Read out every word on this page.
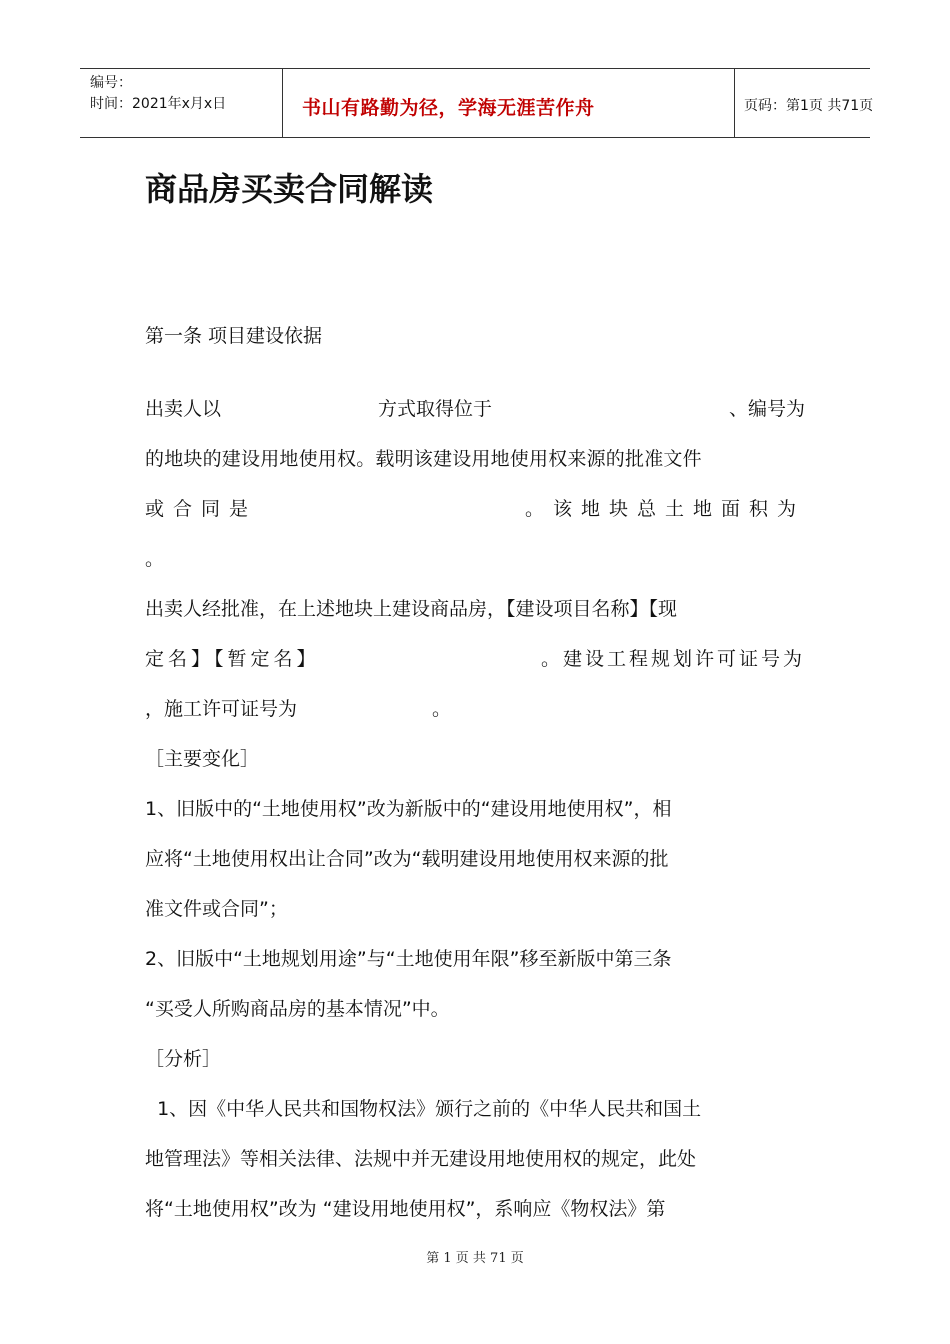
编号：
时间：2021年x月x日	书山有路勤为径，学海无涯苦作舟	页码：第1页 共71页
商品房买卖合同解读
第一条 项目建设依据
出卖人以	方式取得位于	、编号为
的地块的建设用地使用权。载明该建设用地使用权来源的批准文件
或合同是	。该地块总土地面积为
。
出卖人经批准，在上述地块上建设商品房，【建设项目名称】【现
定名】【暂定名】	。建设工程规划许可证号为
，施工许可证号为	。
［主要变化］
1、旧版中的“土地使用权”改为新版中的“建设用地使用权”，相
应将“土地使用权出让合同”改为“载明建设用地使用权来源的批
准文件或合同”；
2、旧版中“土地规划用途”与“土地使用年限”移至新版中第三条
“买受人所购商品房的基本情况”中。
［分析］
1、因《中华人民共和国物权法》颁行之前的《中华人民共和国土
地管理法》等相关法律、法规中并无建设用地使用权的规定，此处
将“土地使用权”改为 “建设用地使用权”，系响应《物权法》第
第 1 页 共 71 页
